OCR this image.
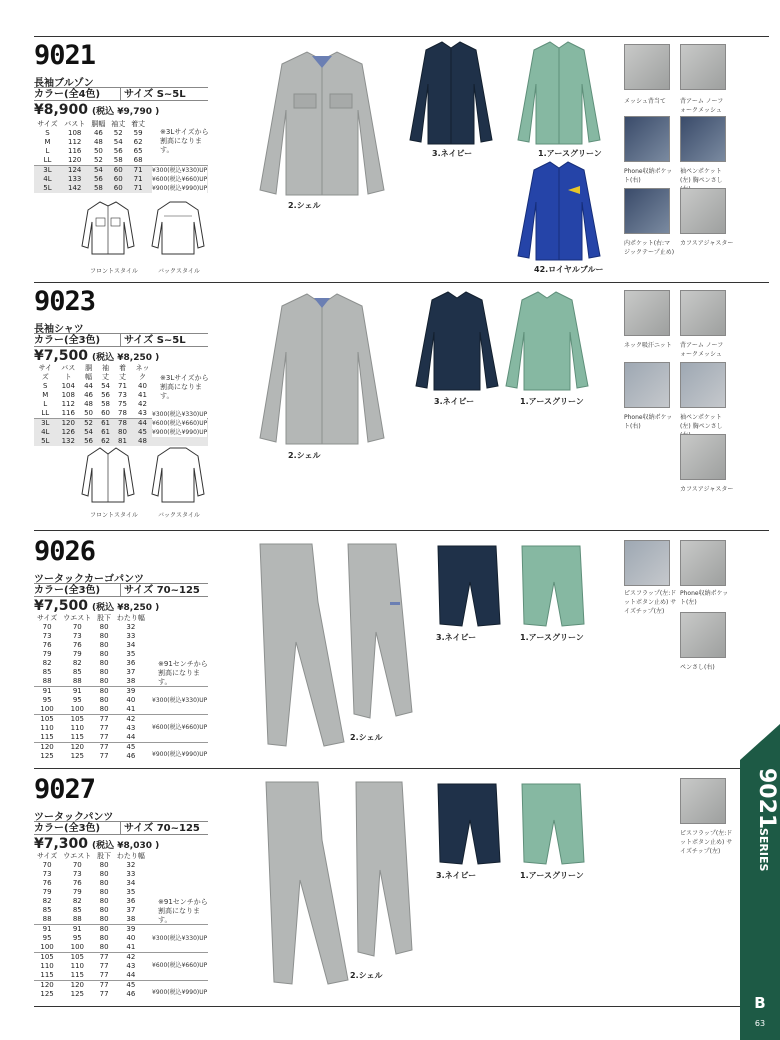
9021
長袖ブルゾン
カラー(全4色)	サイズ S~5L
¥8,900 (税込 ¥9,790 )
サイズ	バスト	胴幅	袖丈	着丈	
S	108	46	52	59	
M	112	48	54	62	
L	116	50	56	65	
LL	120	52	58	68	
3L	124	54	60	71	
4L	133	56	60	71	
5L	142	58	60	71	
¥300(税込¥330)UP
¥600(税込¥660)UP
¥900(税込¥990)UP
※3Lサイズから割高になります。
フロントスタイル	バックスタイル
2.シェル
3.ネイビー	1.アースグリーン
42.ロイヤルブルー
メッシュ背当て	背アーム ノーフォークメッシュ
Phone収納ポケット(右)
袖ペンポケット(左) 胸ペンさし
内ポケット(右:マジックテープ止め)
カフスアジャスター
9023
長袖シャツ
カラー(全3色)	サイズ S~5L
¥7,500 (税込 ¥8,250 )
サイズ	バスト	胴幅	袖丈	着丈	ネック	
S	104	44	54	71	40	
M	108	46	56	73	41	
L	112	48	58	75	42	
LL	116	50	60	78	43	
3L	120	52	61	78	44	
4L	126	54	61	80	45	
5L	132	56	62	81	48	
¥300(税込¥330)UP
¥600(税込¥660)UP
¥900(税込¥990)UP
※3Lサイズから割高になります。
フロントスタイル	バックスタイル
2.シェル
3.ネイビー	1.アースグリーン
ネック吸汗ニット 背アーム ノーフォークメッシュ
Phone収納ポケット(右)
袖ペンポケット(左) 胸ペンさし
カフスアジャスター
9026
ツータックカーゴパンツ
カラー(全3色)	サイズ 70~125
¥7,500 (税込 ¥8,250 )
サイズ	ウエスト	股下	わたり幅	
70	70	80	32	
73	73	80	33	
76	76	80	34	
79	79	80	35	
82	82	80	36	
85	85	80	37	
88	88	80	38	
91	91	80	39	
95	95	80	40	
100	100	80	41	
105	105	77	42	
110	110	77	43	
115	115	77	44	
120	120	77	45	
125	125	77	46	
※91センチから割高になります。
¥300(税込¥330)UP
¥600(税込¥660)UP
¥900(税込¥990)UP
2.シェル
3.ネイビー	1.アースグリーン
ピスフラップ(左:ドットボタン止め) サイズチップ(左)
Phone収納ポケット(左)
ペンさし(右)
9027
ツータックパンツ
カラー(全3色)	サイズ 70~125
¥7,300 (税込 ¥8,030 )
サイズ	ウエスト	股下	わたり幅	
70	70	80	32	
73	73	80	33	
76	76	80	34	
79	79	80	35	
82	82	80	36	
85	85	80	37	
88	88	80	38	
91	91	80	39	
95	95	80	40	
100	100	80	41	
105	105	77	42	
110	110	77	43	
115	115	77	44	
120	120	77	45	
125	125	77	46	
※91センチから割高になります。
¥300(税込¥330)UP
¥600(税込¥660)UP
¥900(税込¥990)UP
2.シェル
3.ネイビー	1.アースグリーン
ピスフラップ(左:ドットボタン止め) サイズチップ(左)
9021
SERIES
B
63
